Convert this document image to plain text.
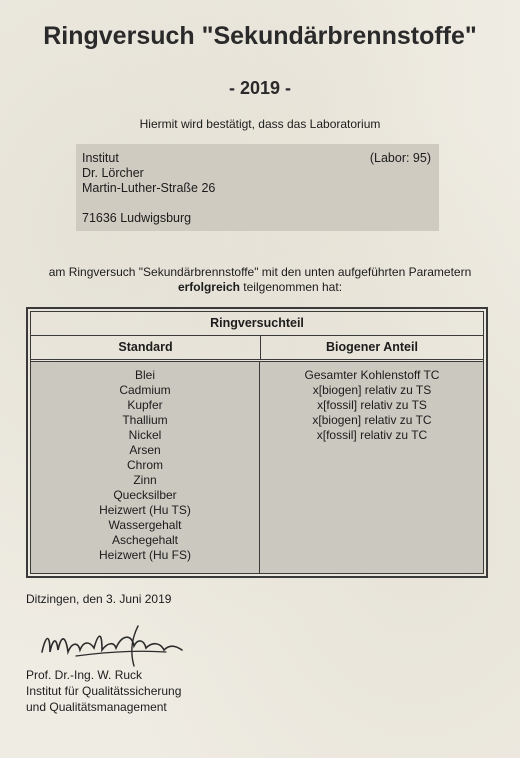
Ringversuch "Sekundärbrennstoffe"
- 2019 -
Hiermit wird bestätigt, dass das Laboratorium
Institut
Dr. Lörcher
Martin-Luther-Straße 26
71636 Ludwigsburg
(Labor: 95)
am Ringversuch "Sekundärbrennstoffe" mit den unten aufgeführten Parametern
erfolgreich teilgenommen hat:
Ringversuchteil
Standard	Biogener Anteil
Blei
Cadmium
Kupfer
Thallium
Nickel
Arsen
Chrom
Zinn
Quecksilber
Heizwert (Hu TS)
Wassergehalt
Aschegehalt
Heizwert (Hu FS)
Gesamter Kohlenstoff TC
x[biogen] relativ zu TS
x[fossil] relativ zu TS
x[biogen] relativ zu TC
x[fossil] relativ zu TC
Ditzingen, den 3. Juni 2019
Prof. Dr.-Ing. W. Ruck
Institut für Qualitätssicherung
und Qualitätsmanagement
